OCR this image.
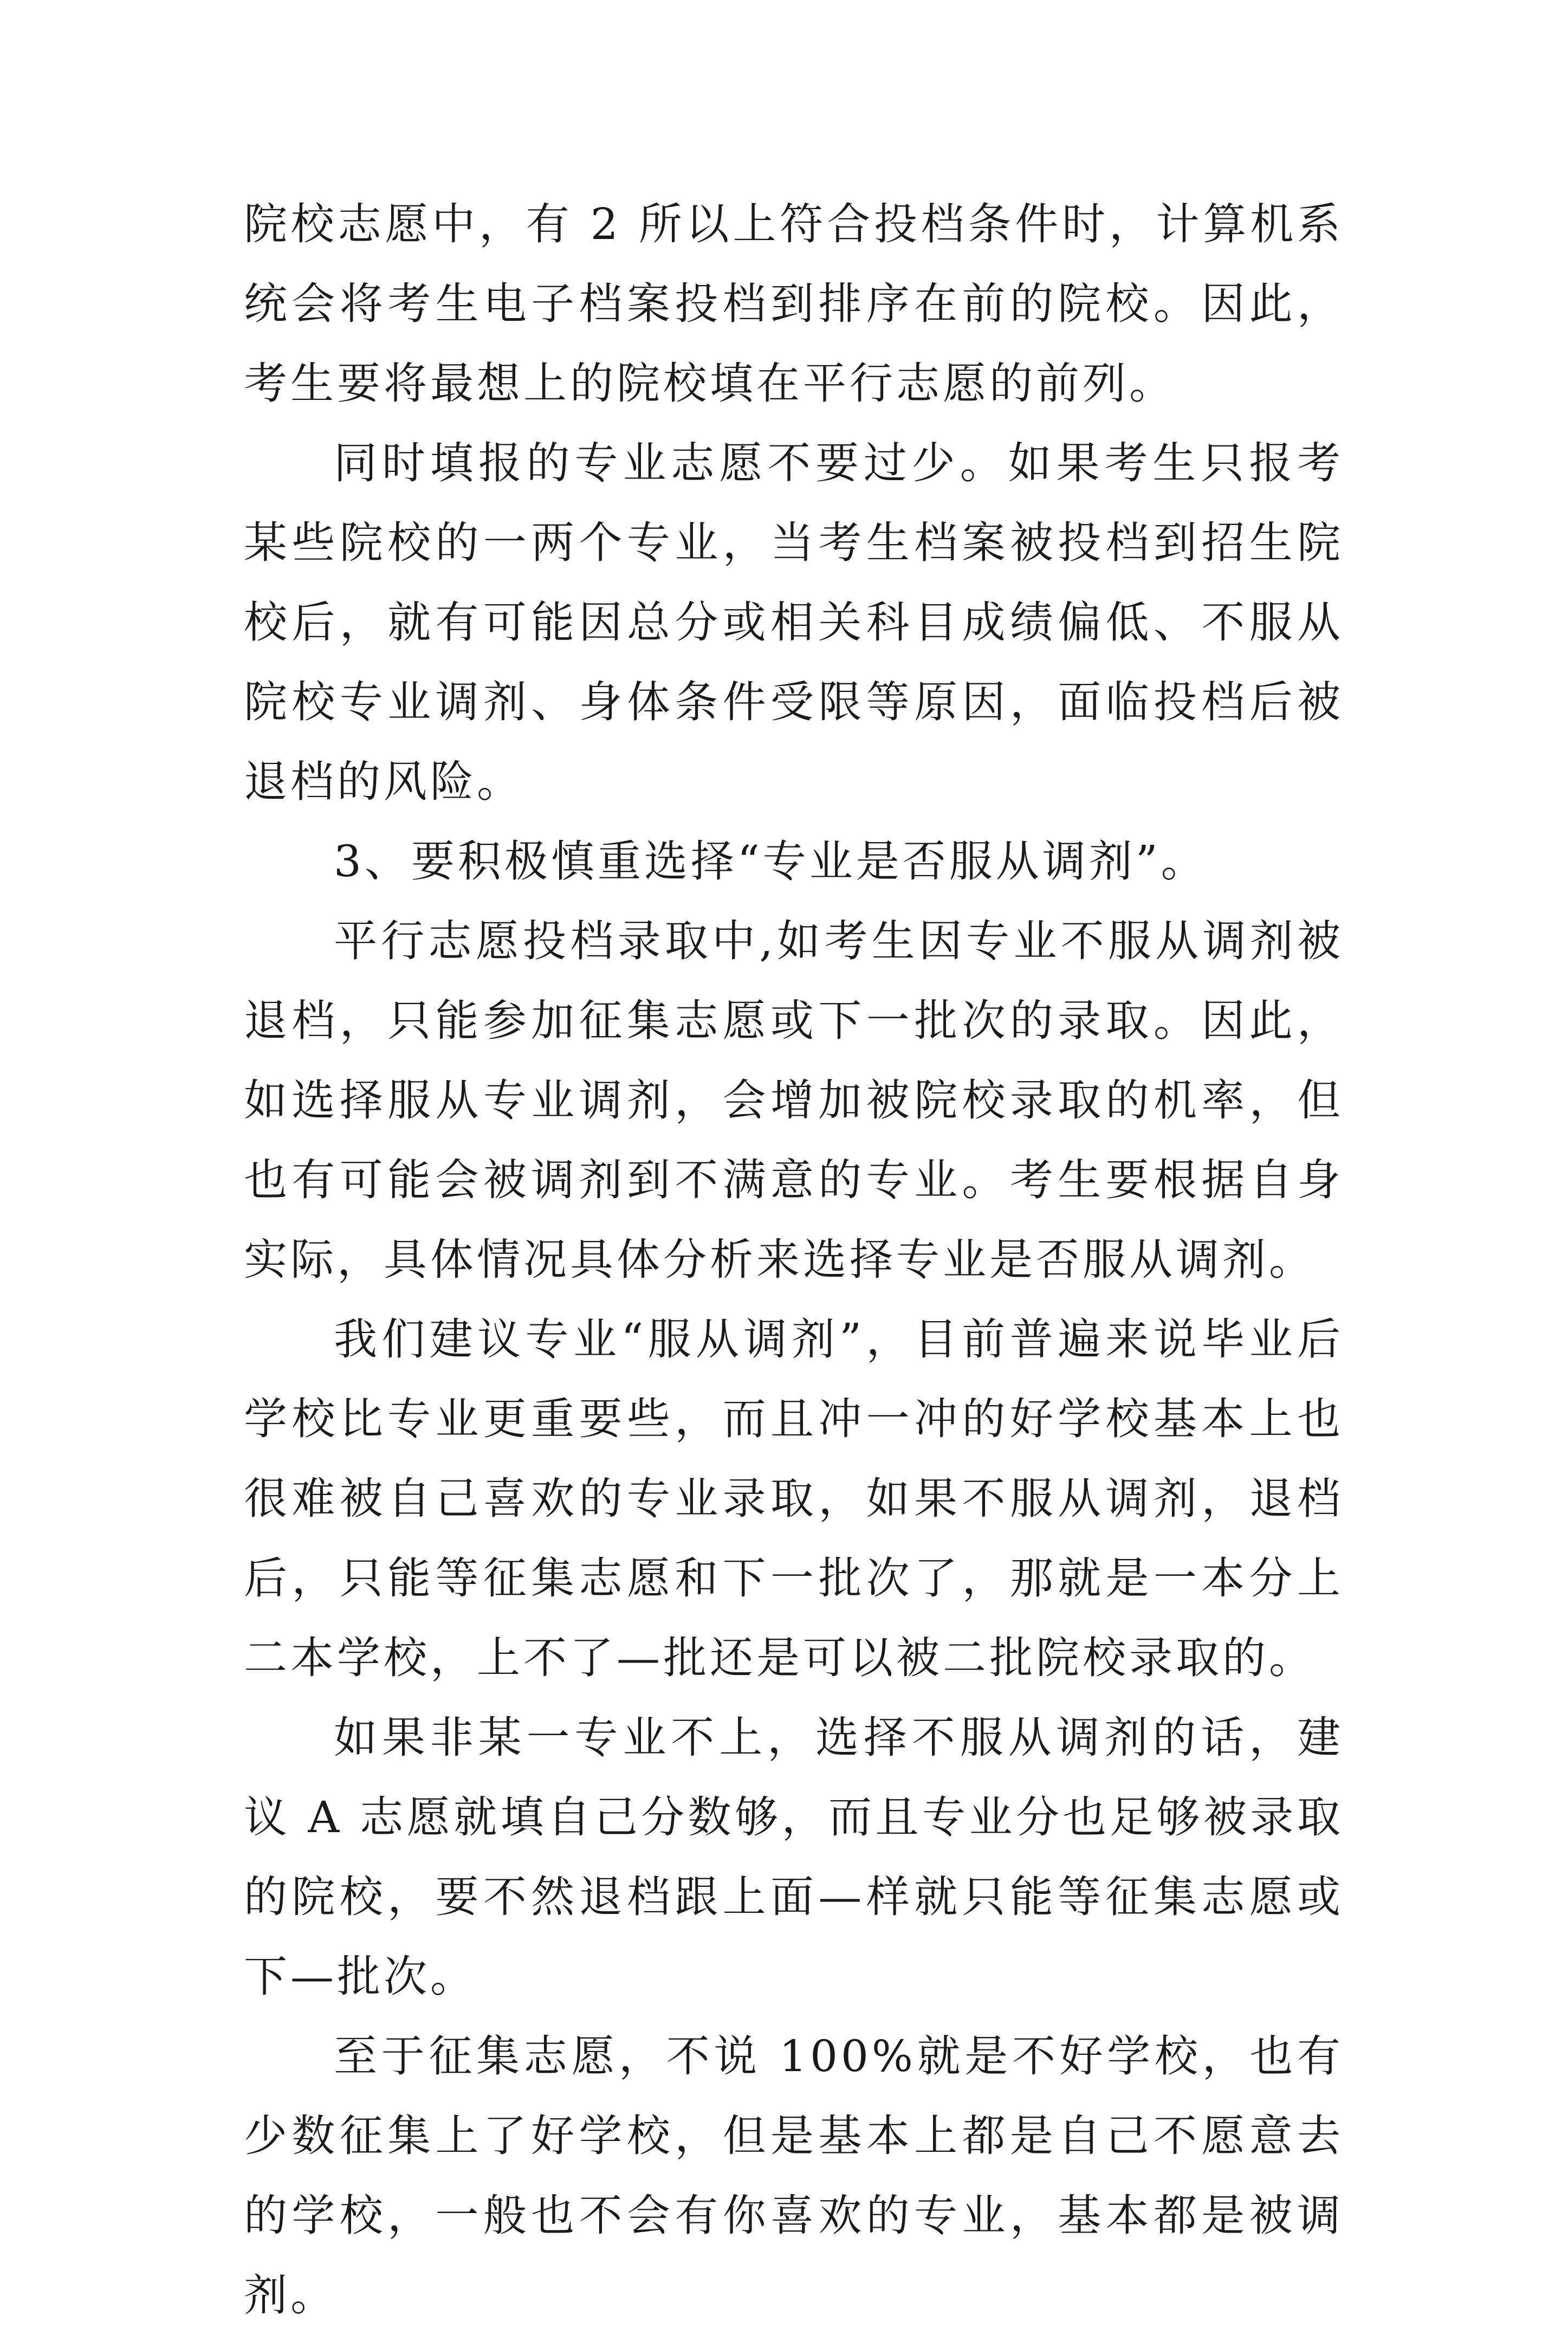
院校志愿中，有 2 所以上符合投档条件时，计算机系统会将考生电子档案投档到排序在前的院校。因此，考生要将最想上的院校填在平行志愿的前列。

同时填报的专业志愿不要过少。如果考生只报考某些院校的一两个专业，当考生档案被投档到招生院校后，就有可能因总分或相关科目成绩偏低、不服从院校专业调剂、身体条件受限等原因，面临投档后被退档的风险。

3、要积极慎重选择“专业是否服从调剂”。

平行志愿投档录取中,如考生因专业不服从调剂被退档，只能参加征集志愿或下一批次的录取。因此，如选择服从专业调剂，会增加被院校录取的机率，但也有可能会被调剂到不满意的专业。考生要根据自身实际，具体情况具体分析来选择专业是否服从调剂。

我们建议专业“服从调剂”，目前普遍来说毕业后学校比专业更重要些，而且冲一冲的好学校基本上也很难被自己喜欢的专业录取，如果不服从调剂，退档后，只能等征集志愿和下一批次了，那就是一本分上二本学校，上不了—批还是可以被二批院校录取的。

如果非某一专业不上，选择不服从调剂的话，建议 A 志愿就填自己分数够，而且专业分也足够被录取的院校，要不然退档跟上面—样就只能等征集志愿或下—批次。

至于征集志愿，不说 100%就是不好学校，也有少数征集上了好学校，但是基本上都是自己不愿意去的学校，一般也不会有你喜欢的专业，基本都是被调剂。
